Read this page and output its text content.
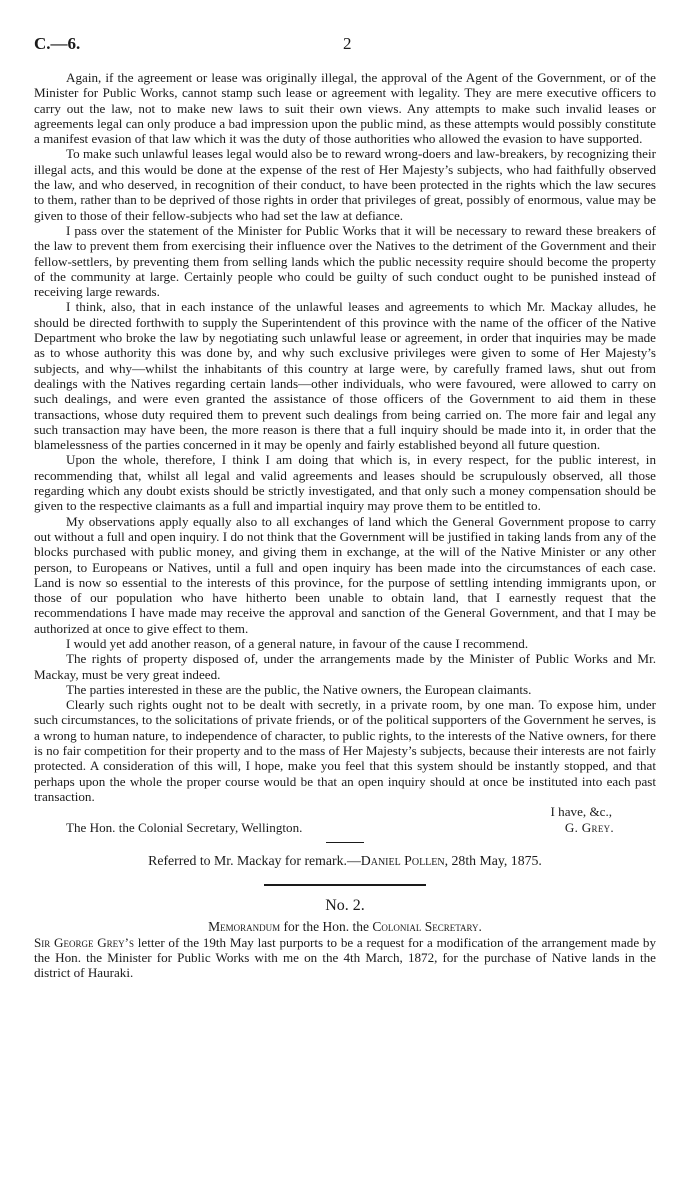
C.—6.	2

Again, if the agreement or lease was originally illegal, the approval of the Agent of the Government, or of the Minister for Public Works, cannot stamp such lease or agreement with legality. They are mere executive officers to carry out the law, not to make new laws to suit their own views. Any attempts to make such invalid leases or agreements legal can only produce a bad impression upon the public mind, as these attempts would possibly constitute a manifest evasion of that law which it was the duty of those authorities who allowed the evasion to have supported.

To make such unlawful leases legal would also be to reward wrong-doers and law-breakers, by recognizing their illegal acts, and this would be done at the expense of the rest of Her Majesty’s subjects, who had faithfully observed the law, and who deserved, in recognition of their conduct, to have been protected in the rights which the law secures to them, rather than to be deprived of those rights in order that privileges of great, possibly of enormous, value may be given to those of their fellow-subjects who had set the law at defiance.

I pass over the statement of the Minister for Public Works that it will be necessary to reward these breakers of the law to prevent them from exercising their influence over the Natives to the detriment of the Government and their fellow-settlers, by preventing them from selling lands which the public necessity require should become the property of the community at large. Certainly people who could be guilty of such conduct ought to be punished instead of receiving large rewards.

I think, also, that in each instance of the unlawful leases and agreements to which Mr. Mackay alludes, he should be directed forthwith to supply the Superintendent of this province with the name of the officer of the Native Department who broke the law by negotiating such unlawful lease or agreement, in order that inquiries may be made as to whose authority this was done by, and why such exclusive privileges were given to some of Her Majesty’s subjects, and why—whilst the inhabitants of this country at large were, by carefully framed laws, shut out from dealings with the Natives regarding certain lands—other individuals, who were favoured, were allowed to carry on such dealings, and were even granted the assistance of those officers of the Government to aid them in these transactions, whose duty required them to prevent such dealings from being carried on. The more fair and legal any such transaction may have been, the more reason is there that a full inquiry should be made into it, in order that the blamelessness of the parties concerned in it may be openly and fairly established beyond all future question.

Upon the whole, therefore, I think I am doing that which is, in every respect, for the public interest, in recommending that, whilst all legal and valid agreements and leases should be scrupulously observed, all those regarding which any doubt exists should be strictly investigated, and that only such a money compensation should be given to the respective claimants as a full and impartial inquiry may prove them to be entitled to.

My observations apply equally also to all exchanges of land which the General Government propose to carry out without a full and open inquiry. I do not think that the Government will be justified in taking lands from any of the blocks purchased with public money, and giving them in exchange, at the will of the Native Minister or any other person, to Europeans or Natives, until a full and open inquiry has been made into the circumstances of each case. Land is now so essential to the interests of this province, for the purpose of settling intending immigrants upon, or those of our population who have hitherto been unable to obtain land, that I earnestly request that the recommendations I have made may receive the approval and sanction of the General Government, and that I may be authorized at once to give effect to them.

I would yet add another reason, of a general nature, in favour of the cause I recommend.

The rights of property disposed of, under the arrangements made by the Minister of Public Works and Mr. Mackay, must be very great indeed.

The parties interested in these are the public, the Native owners, the European claimants.

Clearly such rights ought not to be dealt with secretly, in a private room, by one man. To expose him, under such circumstances, to the solicitations of private friends, or of the political supporters of the Government he serves, is a wrong to human nature, to independence of character, to public rights, to the interests of the Native owners, for there is no fair competition for their property and to the mass of Her Majesty’s subjects, because their interests are not fairly protected. A consideration of this will, I hope, make you feel that this system should be instantly stopped, and that perhaps upon the whole the proper course would be that an open inquiry should at once be instituted into each past transaction.

I have, &c.,
The Hon. the Colonial Secretary, Wellington.	G. Grey.
Referred to Mr. Mackay for remark.—Daniel Pollen, 28th May, 1875.
No. 2.
Memorandum for the Hon. the Colonial Secretary.

Sir George Grey’s letter of the 19th May last purports to be a request for a modification of the arrangement made by the Hon. the Minister for Public Works with me on the 4th March, 1872, for the purchase of Native lands in the district of Hauraki.
